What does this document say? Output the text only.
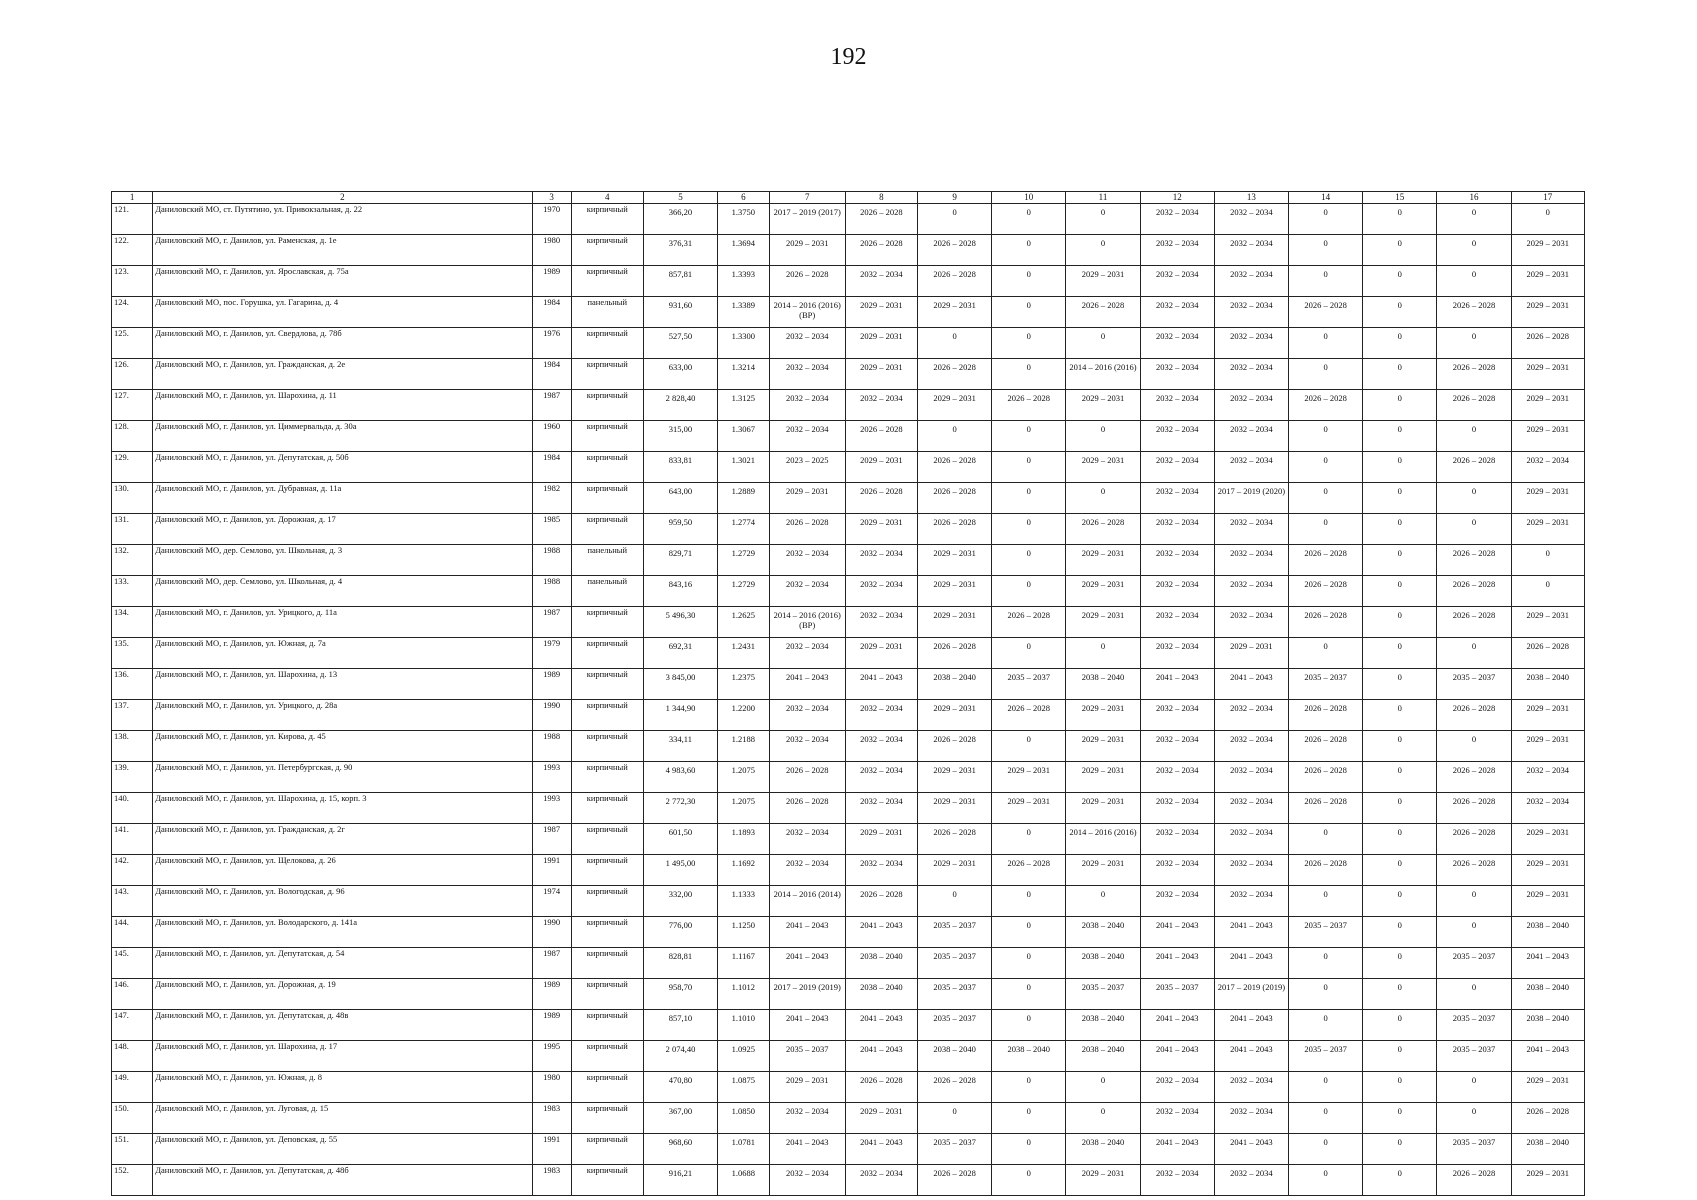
192
1	2	3	4	5	6	7	8	9	10	11	12	13	14	15	16	17
121.	Даниловский МО, ст. Путятино, ул. Привокзальная, д. 22	1970	кирпичный	366,20	1.3750	2017 – 2019 (2017)	2026 – 2028	0	0	0	2032 – 2034	2032 – 2034	0	0	0	0
122.	Даниловский МО, г. Данилов, ул. Раменская, д. 1е	1980	кирпичный	376,31	1.3694	2029 – 2031	2026 – 2028	2026 – 2028	0	0	2032 – 2034	2032 – 2034	0	0	0	2029 – 2031
123.	Даниловский МО, г. Данилов, ул. Ярославская, д. 75а	1989	кирпичный	857,81	1.3393	2026 – 2028	2032 – 2034	2026 – 2028	0	2029 – 2031	2032 – 2034	2032 – 2034	0	0	0	2029 – 2031
124.	Даниловский МО, пос. Горушка, ул. Гагарина, д. 4	1984	панельный	931,60	1.3389	2014 – 2016 (2016) (ВР)	2029 – 2031	2029 – 2031	0	2026 – 2028	2032 – 2034	2032 – 2034	2026 – 2028	0	2026 – 2028	2029 – 2031
125.	Даниловский МО, г. Данилов, ул. Свердлова, д. 78б	1976	кирпичный	527,50	1.3300	2032 – 2034	2029 – 2031	0	0	0	2032 – 2034	2032 – 2034	0	0	0	2026 – 2028
126.	Даниловский МО, г. Данилов, ул. Гражданская, д. 2е	1984	кирпичный	633,00	1.3214	2032 – 2034	2029 – 2031	2026 – 2028	0	2014 – 2016 (2016)	2032 – 2034	2032 – 2034	0	0	2026 – 2028	2029 – 2031
127.	Даниловский МО, г. Данилов, ул. Шарохина, д. 11	1987	кирпичный	2 828,40	1.3125	2032 – 2034	2032 – 2034	2029 – 2031	2026 – 2028	2029 – 2031	2032 – 2034	2032 – 2034	2026 – 2028	0	2026 – 2028	2029 – 2031
128.	Даниловский МО, г. Данилов, ул. Циммервальда, д. 30а	1960	кирпичный	315,00	1.3067	2032 – 2034	2026 – 2028	0	0	0	2032 – 2034	2032 – 2034	0	0	0	2029 – 2031
129.	Даниловский МО, г. Данилов, ул. Депутатская, д. 50б	1984	кирпичный	833,81	1.3021	2023 – 2025	2029 – 2031	2026 – 2028	0	2029 – 2031	2032 – 2034	2032 – 2034	0	0	2026 – 2028	2032 – 2034
130.	Даниловский МО, г. Данилов, ул. Дубравная, д. 11а	1982	кирпичный	643,00	1.2889	2029 – 2031	2026 – 2028	2026 – 2028	0	0	2032 – 2034	2017 – 2019 (2020)	0	0	0	2029 – 2031
131.	Даниловский МО, г. Данилов, ул. Дорожная, д. 17	1985	кирпичный	959,50	1.2774	2026 – 2028	2029 – 2031	2026 – 2028	0	2026 – 2028	2032 – 2034	2032 – 2034	0	0	0	2029 – 2031
132.	Даниловский МО, дер. Семлово, ул. Школьная, д. 3	1988	панельный	829,71	1.2729	2032 – 2034	2032 – 2034	2029 – 2031	0	2029 – 2031	2032 – 2034	2032 – 2034	2026 – 2028	0	2026 – 2028	0
133.	Даниловский МО, дер. Семлово, ул. Школьная, д. 4	1988	панельный	843,16	1.2729	2032 – 2034	2032 – 2034	2029 – 2031	0	2029 – 2031	2032 – 2034	2032 – 2034	2026 – 2028	0	2026 – 2028	0
134.	Даниловский МО, г. Данилов, ул. Урицкого, д. 11а	1987	кирпичный	5 496,30	1.2625	2014 – 2016 (2016) (ВР)	2032 – 2034	2029 – 2031	2026 – 2028	2029 – 2031	2032 – 2034	2032 – 2034	2026 – 2028	0	2026 – 2028	2029 – 2031
135.	Даниловский МО, г. Данилов, ул. Южная, д. 7а	1979	кирпичный	692,31	1.2431	2032 – 2034	2029 – 2031	2026 – 2028	0	0	2032 – 2034	2029 – 2031	0	0	0	2026 – 2028
136.	Даниловский МО, г. Данилов, ул. Шарохина, д. 13	1989	кирпичный	3 845,00	1.2375	2041 – 2043	2041 – 2043	2038 – 2040	2035 – 2037	2038 – 2040	2041 – 2043	2041 – 2043	2035 – 2037	0	2035 – 2037	2038 – 2040
137.	Даниловский МО, г. Данилов, ул. Урицкого, д. 28а	1990	кирпичный	1 344,90	1.2200	2032 – 2034	2032 – 2034	2029 – 2031	2026 – 2028	2029 – 2031	2032 – 2034	2032 – 2034	2026 – 2028	0	2026 – 2028	2029 – 2031
138.	Даниловский МО, г. Данилов, ул. Кирова, д. 45	1988	кирпичный	334,11	1.2188	2032 – 2034	2032 – 2034	2026 – 2028	0	2029 – 2031	2032 – 2034	2032 – 2034	2026 – 2028	0	0	2029 – 2031
139.	Даниловский МО, г. Данилов, ул. Петербургская, д. 90	1993	кирпичный	4 983,60	1.2075	2026 – 2028	2032 – 2034	2029 – 2031	2029 – 2031	2029 – 2031	2032 – 2034	2032 – 2034	2026 – 2028	0	2026 – 2028	2032 – 2034
140.	Даниловский МО, г. Данилов, ул. Шарохина, д. 15, корп. 3	1993	кирпичный	2 772,30	1.2075	2026 – 2028	2032 – 2034	2029 – 2031	2029 – 2031	2029 – 2031	2032 – 2034	2032 – 2034	2026 – 2028	0	2026 – 2028	2032 – 2034
141.	Даниловский МО, г. Данилов, ул. Гражданская, д. 2г	1987	кирпичный	601,50	1.1893	2032 – 2034	2029 – 2031	2026 – 2028	0	2014 – 2016 (2016)	2032 – 2034	2032 – 2034	0	0	2026 – 2028	2029 – 2031
142.	Даниловский МО, г. Данилов, ул. Щелокова, д. 26	1991	кирпичный	1 495,00	1.1692	2032 – 2034	2032 – 2034	2029 – 2031	2026 – 2028	2029 – 2031	2032 – 2034	2032 – 2034	2026 – 2028	0	2026 – 2028	2029 – 2031
143.	Даниловский МО, г. Данилов, ул. Вологодская, д. 96	1974	кирпичный	332,00	1.1333	2014 – 2016 (2014)	2026 – 2028	0	0	0	2032 – 2034	2032 – 2034	0	0	0	2029 – 2031
144.	Даниловский МО, г. Данилов, ул. Володарского, д. 141а	1990	кирпичный	776,00	1.1250	2041 – 2043	2041 – 2043	2035 – 2037	0	2038 – 2040	2041 – 2043	2041 – 2043	2035 – 2037	0	0	2038 – 2040
145.	Даниловский МО, г. Данилов, ул. Депутатская, д. 54	1987	кирпичный	828,81	1.1167	2041 – 2043	2038 – 2040	2035 – 2037	0	2038 – 2040	2041 – 2043	2041 – 2043	0	0	2035 – 2037	2041 – 2043
146.	Даниловский МО, г. Данилов, ул. Дорожная, д. 19	1989	кирпичный	958,70	1.1012	2017 – 2019 (2019)	2038 – 2040	2035 – 2037	0	2035 – 2037	2035 – 2037	2017 – 2019 (2019)	0	0	0	2038 – 2040
147.	Даниловский МО, г. Данилов, ул. Депутатская, д. 48в	1989	кирпичный	857,10	1.1010	2041 – 2043	2041 – 2043	2035 – 2037	0	2038 – 2040	2041 – 2043	2041 – 2043	0	0	2035 – 2037	2038 – 2040
148.	Даниловский МО, г. Данилов, ул. Шарохина, д. 17	1995	кирпичный	2 074,40	1.0925	2035 – 2037	2041 – 2043	2038 – 2040	2038 – 2040	2038 – 2040	2041 – 2043	2041 – 2043	2035 – 2037	0	2035 – 2037	2041 – 2043
149.	Даниловский МО, г. Данилов, ул. Южная, д. 8	1980	кирпичный	470,80	1.0875	2029 – 2031	2026 – 2028	2026 – 2028	0	0	2032 – 2034	2032 – 2034	0	0	0	2029 – 2031
150.	Даниловский МО, г. Данилов, ул. Луговая, д. 15	1983	кирпичный	367,00	1.0850	2032 – 2034	2029 – 2031	0	0	0	2032 – 2034	2032 – 2034	0	0	0	2026 – 2028
151.	Даниловский МО, г. Данилов, ул. Деповская, д. 55	1991	кирпичный	968,60	1.0781	2041 – 2043	2041 – 2043	2035 – 2037	0	2038 – 2040	2041 – 2043	2041 – 2043	0	0	2035 – 2037	2038 – 2040
152.	Даниловский МО, г. Данилов, ул. Депутатская, д. 48б	1983	кирпичный	916,21	1.0688	2032 – 2034	2032 – 2034	2026 – 2028	0	2029 – 2031	2032 – 2034	2032 – 2034	0	0	2026 – 2028	2029 – 2031
